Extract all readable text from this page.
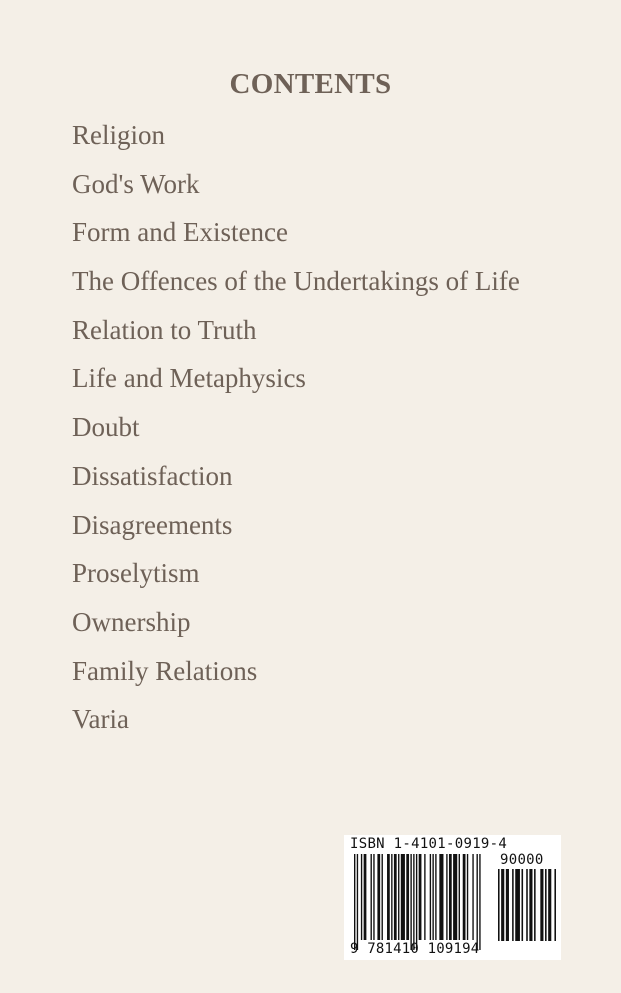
CONTENTS
Religion
God's Work
Form and Existence
The Offences of the Undertakings of Life
Relation to Truth
Life and Metaphysics
Doubt
Dissatisfaction
Disagreements
Proselytism
Ownership
Family Relations
Varia
ISBN 1-4101-0919-4
90000
9 781410 109194
